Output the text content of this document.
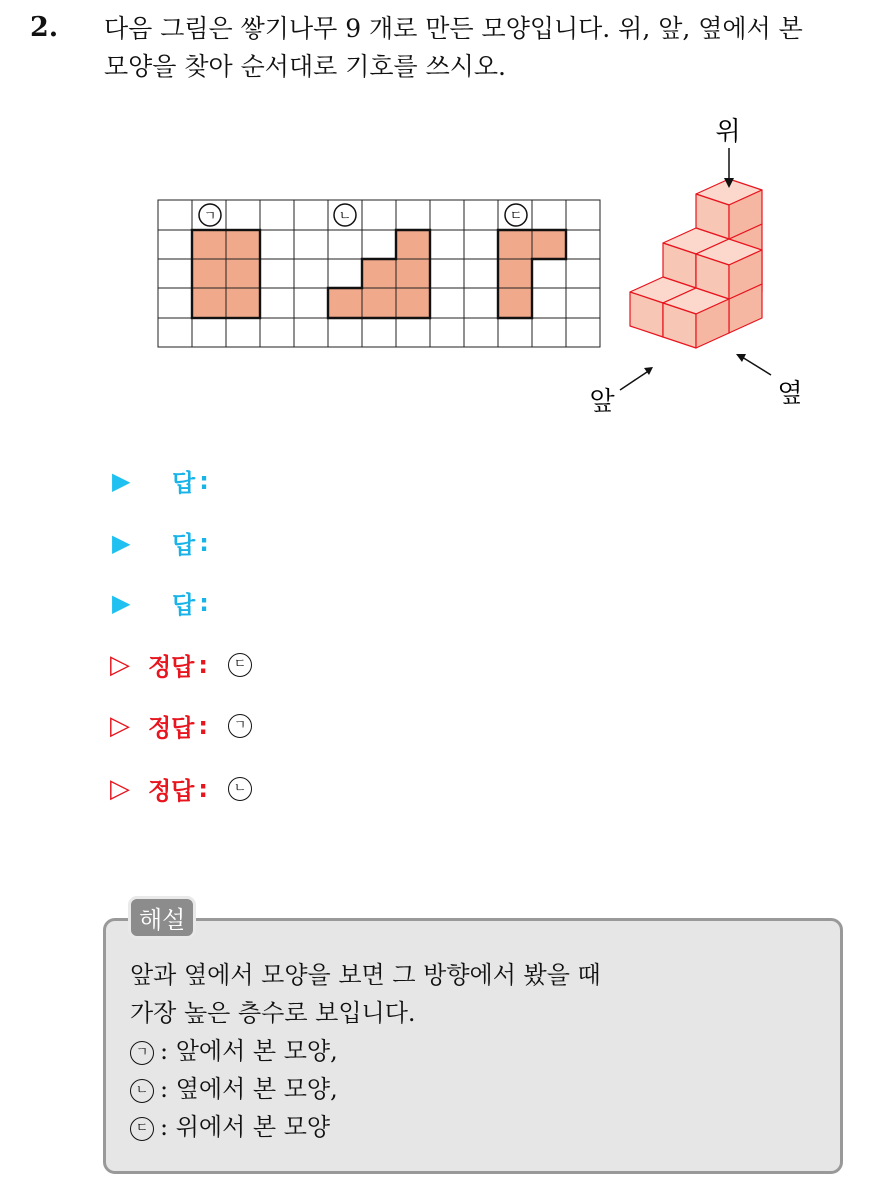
2. 다음 그림은 쌓기나무 9 개로 만든 모양입니다. 위, 앞, 옆에서 본
모양을 찾아 순서대로 기호를 쓰시오.
ㄱ	ㄴ	ㄷ
위
앞	옆
▶	답 :
▶	답 :
▶	답 :
▷ 정답 :	ㄷ
▷ 정답 :	ㄱ
▷ 정답 :	ㄴ
해설
앞과 옆에서 모양을 보면 그 방향에서 봤을 때
가장 높은 층수로 보입니다.
ㄱ : 앞에서 본 모양,
ㄴ : 옆에서 본 모양,
ㄷ : 위에서 본 모양
